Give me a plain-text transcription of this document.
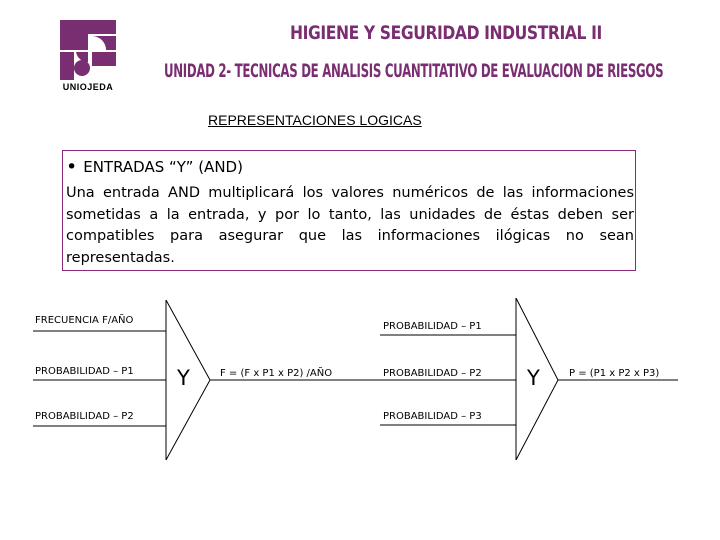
UNIOJEDA
HIGIENE Y SEGURIDAD INDUSTRIAL II
UNIDAD 2- TECNICAS DE ANALISIS CUANTITATIVO DE EVALUACION DE RIESGOS
REPRESENTACIONES LOGICAS
• ENTRADAS “Y” (AND)
Una entrada AND multiplicará los valores numéricos de las informaciones sometidas a la entrada, y por lo tanto, las unidades de éstas deben ser compatibles para asegurar que las informaciones ilógicas no sean representadas.
FRECUENCIA F/AÑO
PROBABILIDAD – P1
PROBABILIDAD – P2
Y	F = (F x P1 x P2) /AÑO
PROBABILIDAD – P1
PROBABILIDAD – P2
PROBABILIDAD – P3
Y	P = (P1 x P2 x P3)
